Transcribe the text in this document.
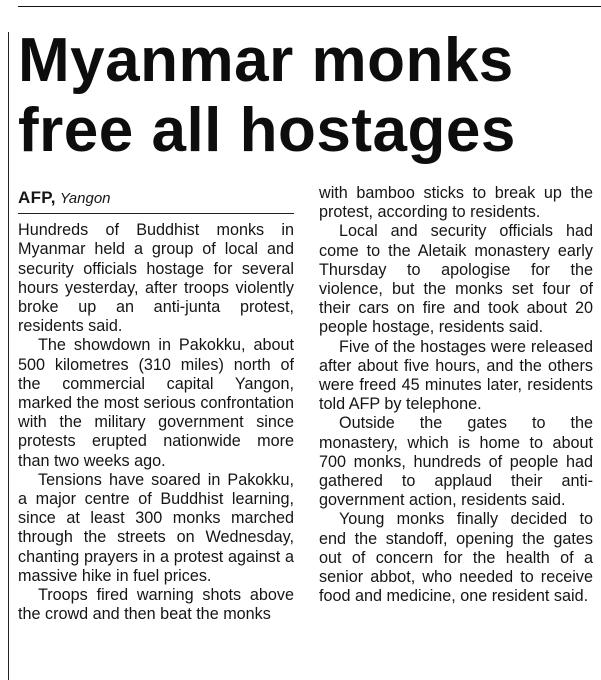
Myanmar monks
free all hostages
AFP, Yangon

Hundreds of Buddhist monks in Myanmar held a group of local and security officials hostage for several hours yesterday, after troops violently broke up an anti-junta protest, residents said.

The showdown in Pakokku, about 500 kilometres (310 miles) north of the commercial capital Yangon, marked the most serious confrontation with the military government since protests erupted nationwide more than two weeks ago.

Tensions have soared in Pakokku, a major centre of Buddhist learning, since at least 300 monks marched through the streets on Wednesday, chanting prayers in a protest against a massive hike in fuel prices.

Troops fired warning shots above the crowd and then beat the monks

with bamboo sticks to break up the protest, according to residents.

Local and security officials had come to the Aletaik monastery early Thursday to apologise for the violence, but the monks set four of their cars on fire and took about 20 people hostage, residents said.

Five of the hostages were released after about five hours, and the others were freed 45 minutes later, residents told AFP by telephone.

Outside the gates to the monastery, which is home to about 700 monks, hundreds of people had gathered to applaud their anti-government action, residents said.

Young monks finally decided to end the standoff, opening the gates out of concern for the health of a senior abbot, who needed to receive food and medicine, one resident said.
